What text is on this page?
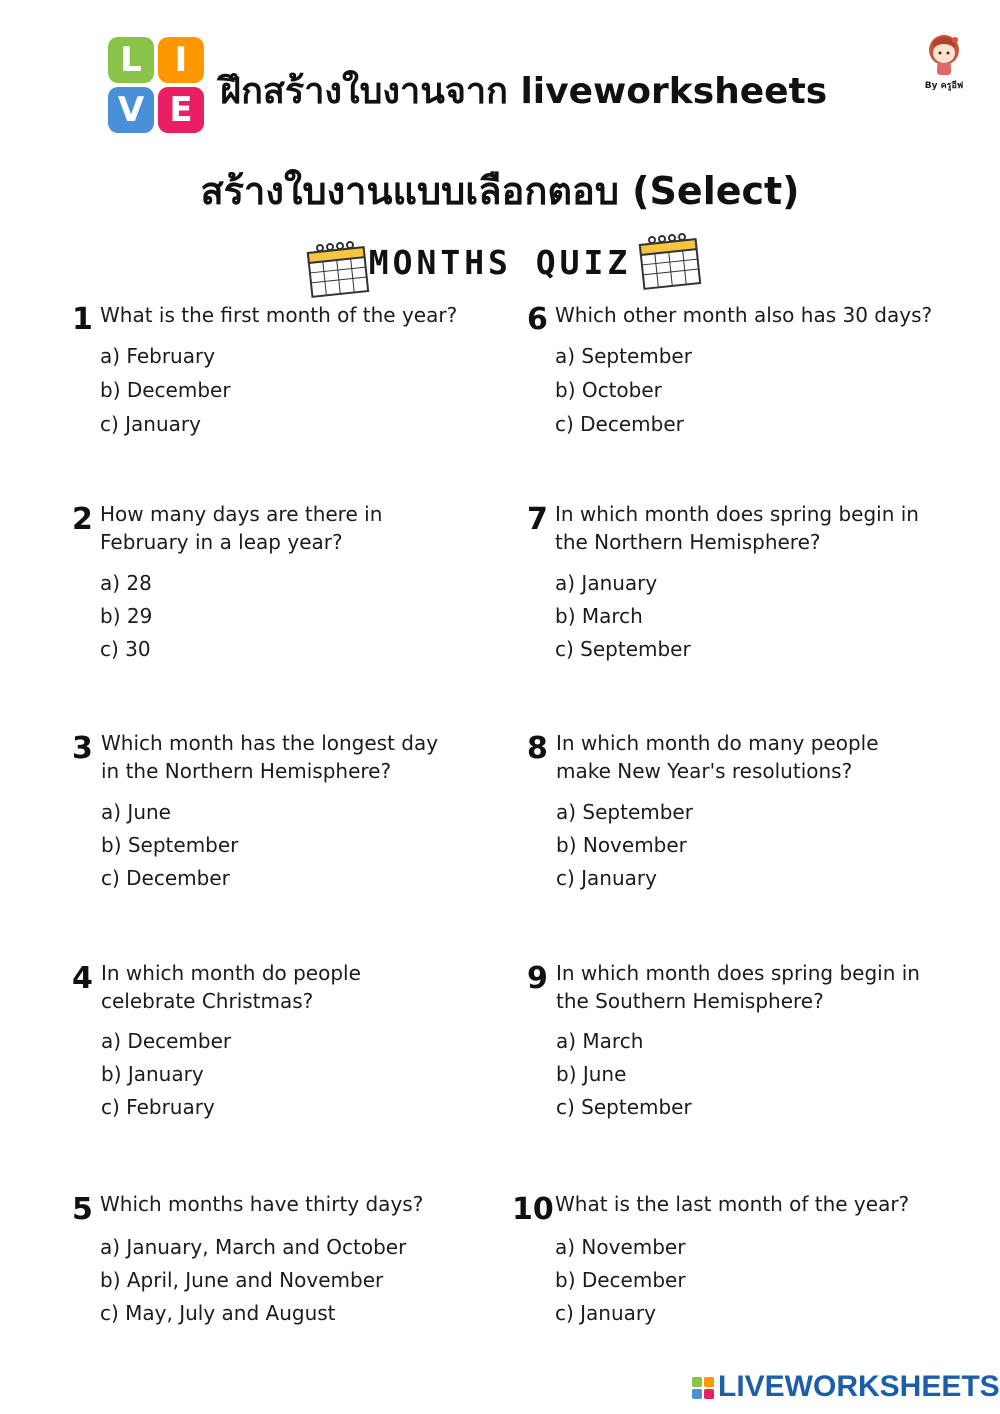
L I
V E ฝึกสร้างใบงานจาก liveworksheets	By ครูอีฟ
สร้างใบงานแบบเลือกตอบ (Select)
MONTHS QUIZ
1 What is the first month of the year?
a) February
b) December
c) January
2 How many days are there in February in a leap year?
a) 28
b) 29
c) 30
3 Which month has the longest day in the Northern Hemisphere?
a) June
b) September
c) December
4 In which month do people celebrate Christmas?
a) December
b) January
c) February
5 Which months have thirty days?
a) January, March and October
b) April, June and November
c) May, July and August
6 Which other month also has 30 days?
a) September
b) October
c) December
7 In which month does spring begin in the Northern Hemisphere?
a) January
b) March
c) September
8 In which month do many people make New Year's resolutions?
a) September
b) November
c) January
9 In which month does spring begin in the Southern Hemisphere?
a) March
b) June
c) September
10 What is the last month of the year?
a) November
b) December
c) January
LIVEWORKSHEETS
